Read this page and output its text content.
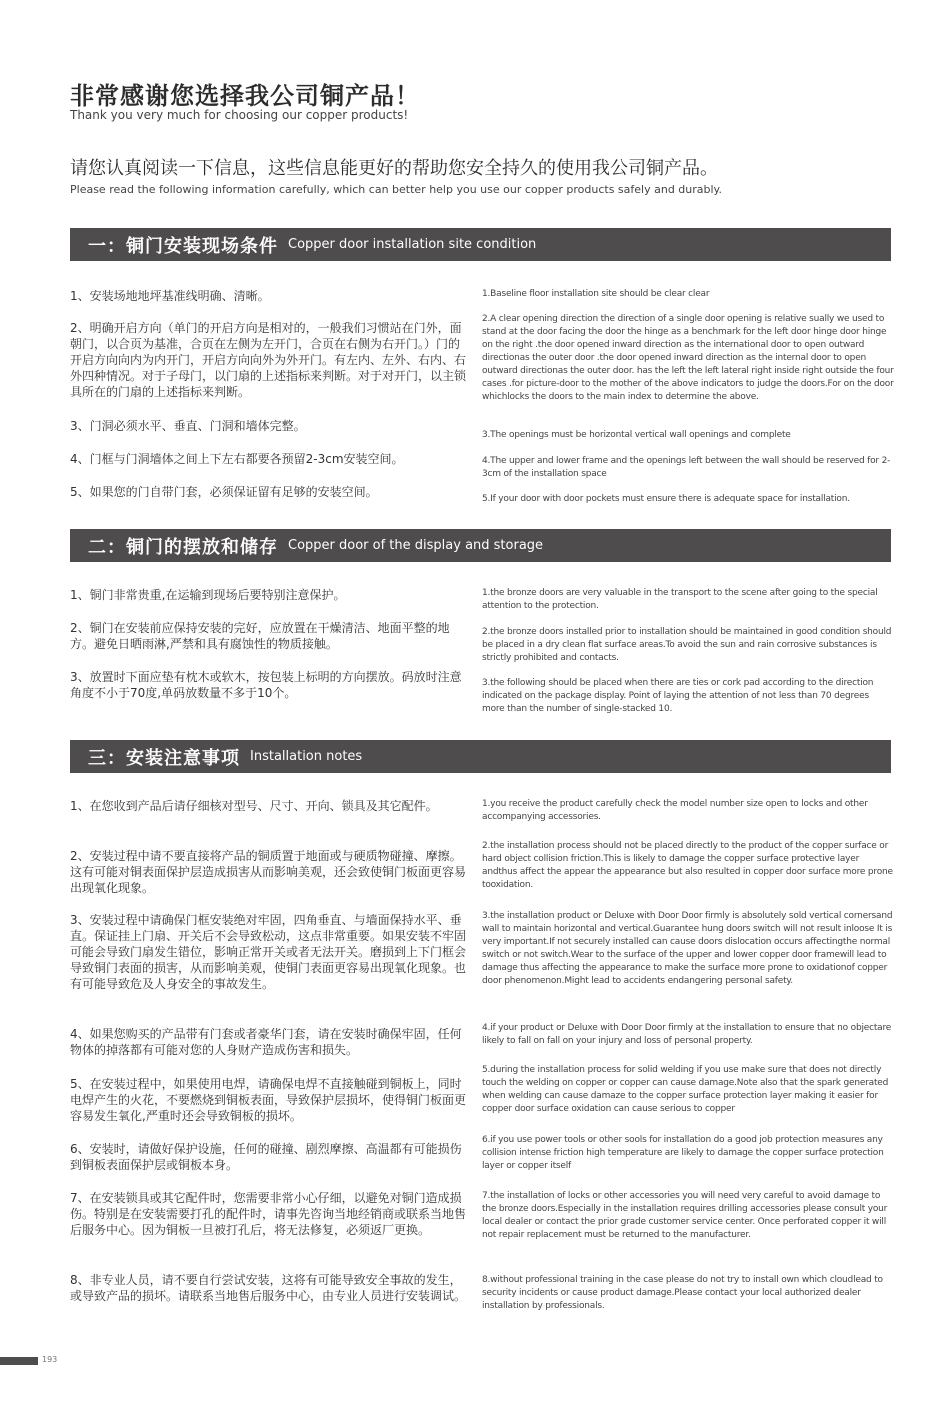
非常感谢您选择我公司铜产品！
Thank you very much for choosing our copper products!
请您认真阅读一下信息，这些信息能更好的帮助您安全持久的使用我公司铜产品。
Please read the following information carefully, which can better help you use our copper products safely and durably.
一：铜门安装现场条件 Copper door installation site condition
1、安装场地地坪基准线明确、清晰。
2、明确开启方向（单门的开启方向是相对的，一般我们习惯站在门外，面朝门，以合页为基准，合页在左侧为左开门，合页在右侧为右开门。）门的开启方向向内为内开门，开启方向向外为外开门。有左内、左外、右内、右外四种情况。对于子母门，以门扇的上述指标来判断。对于对开门，以主锁具所在的门扇的上述指标来判断。
3、门洞必须水平、垂直、门洞和墙体完整。
4、门框与门洞墙体之间上下左右都要各预留2-3cm安装空间。
5、如果您的门自带门套，必须保证留有足够的安装空间。
1.Baseline floor installation site should be clear clear
2.A clear opening direction the direction of a single door opening is relative sually we used to stand at the door facing the door the hinge as a benchmark for the left door hinge door hinge on the right .the door opened inward direction as the international door to open outward directionas the outer door .the door opened inward direction as the internal door to open outward directionas the outer door. has the left the left lateral right inside right outside the four cases .for picture-door to the mother of the above indicators to judge the doors.For on the door whichlocks the doors to the main index to determine the above.
3.The openings must be horizontal vertical wall openings and complete
4.The upper and lower frame and the openings left between the wall should be reserved for 2-3cm of the installation space
5.If your door with door pockets must ensure there is adequate space for installation.
二：铜门的摆放和储存 Copper door of the display and storage
1、铜门非常贵重,在运输到现场后要特别注意保护。
2、铜门在安装前应保持安装的完好，应放置在干燥清洁、地面平整的地方。避免日晒雨淋,严禁和具有腐蚀性的物质接触。
3、放置时下面应垫有枕木或软木，按包装上标明的方向摆放。码放时注意角度不小于70度,单码放数量不多于10个。
1.the bronze doors are very valuable in the transport to the scene after going to the special attention to the protection.
2.the bronze doors installed prior to installation should be maintained in good condition should be placed in a dry clean flat surface areas.To avoid the sun and rain corrosive substances is strictly prohibited and contacts.
3.the following should be placed when there are ties or cork pad according to the direction indicated on the package display. Point of laying the attention of not less than 70 degrees more than the number of single-stacked 10.
三：安装注意事项 Installation notes
1、在您收到产品后请仔细核对型号、尺寸、开向、锁具及其它配件。
2、安装过程中请不要直接将产品的铜质置于地面或与硬质物碰撞、摩擦。这有可能对铜表面保护层造成损害从而影响美观，还会致使铜门板面更容易出现氧化现象。
3、安装过程中请确保门框安装绝对牢固，四角垂直、与墙面保持水平、垂直。保证挂上门扇、开关后不会导致松动，这点非常重要。如果安装不牢固可能会导致门扇发生错位，影响正常开关或者无法开关。磨损到上下门框会导致铜门表面的损害，从而影响美观，使铜门表面更容易出现氧化现象。也有可能导致危及人身安全的事故发生。
4、如果您购买的产品带有门套或者豪华门套，请在安装时确保牢固，任何物体的掉落都有可能对您的人身财产造成伤害和损失。
5、在安装过程中，如果使用电焊，请确保电焊不直接触碰到铜板上，同时电焊产生的火花，不要燃烧到铜板表面，导致保护层损坏，使得铜门板面更容易发生氧化,严重时还会导致铜板的损坏。
6、安装时，请做好保护设施，任何的碰撞、剧烈摩擦、高温都有可能损伤到铜板表面保护层或铜板本身。
7、在安装锁具或其它配件时，您需要非常小心仔细，以避免对铜门造成损伤。特别是在安装需要打孔的配件时，请事先咨询当地经销商或联系当地售后服务中心。因为铜板一旦被打孔后，将无法修复，必须返厂更换。
8、非专业人员，请不要自行尝试安装，这将有可能导致安全事故的发生，或导致产品的损坏。请联系当地售后服务中心，由专业人员进行安装调试。
1.you receive the product carefully check the model number size open to locks and other accompanying accessories.
2.the installation process should not be placed directly to the product of the copper surface or hard object collision friction.This is likely to damage the copper surface protective layer andthus affect the appear the appearance but also resulted in copper door surface more prone tooxidation.
3.the installation product or Deluxe with Door Door firmly is absolutely sold vertical cornersand wall to maintain horizontal and vertical.Guarantee hung doors switch will not result inloose It is very important.If not securely installed can cause doors dislocation occurs affectingthe normal switch or not switch.Wear to the surface of the upper and lower copper door framewill lead to damage thus affecting the appearance to make the surface more prone to oxidationof copper door phenomenon.Might lead to accidents endangering personal safety.
4.if your product or Deluxe with Door Door firmly at the installation to ensure that no objectare likely to fall on fall on your injury and loss of personal property.
5.during the installation process for solid welding if you use make sure that does not directly touch the welding on copper or copper can cause damage.Note also that the spark generated when welding can cause damaze to the copper surface protection layer making it easier for copper door surface oxidation can cause serious to copper
6.if you use power tools or other sools for installation do a good job protection measures any collision intense friction high temperature are likely to damage the copper surface protection layer or copper itself
7.the installation of locks or other accessories you will need very careful to avoid damage to the bronze doors.Especially in the installation requires drilling accessories please consult your local dealer or contact the prior grade customer service center. Once perforated copper it will not repair replacement must be returned to the manufacturer.
8.without professional training in the case please do not try to install own which cloudlead to security incidents or cause product damage.Please contact your local authorized dealer installation by professionals.
193
